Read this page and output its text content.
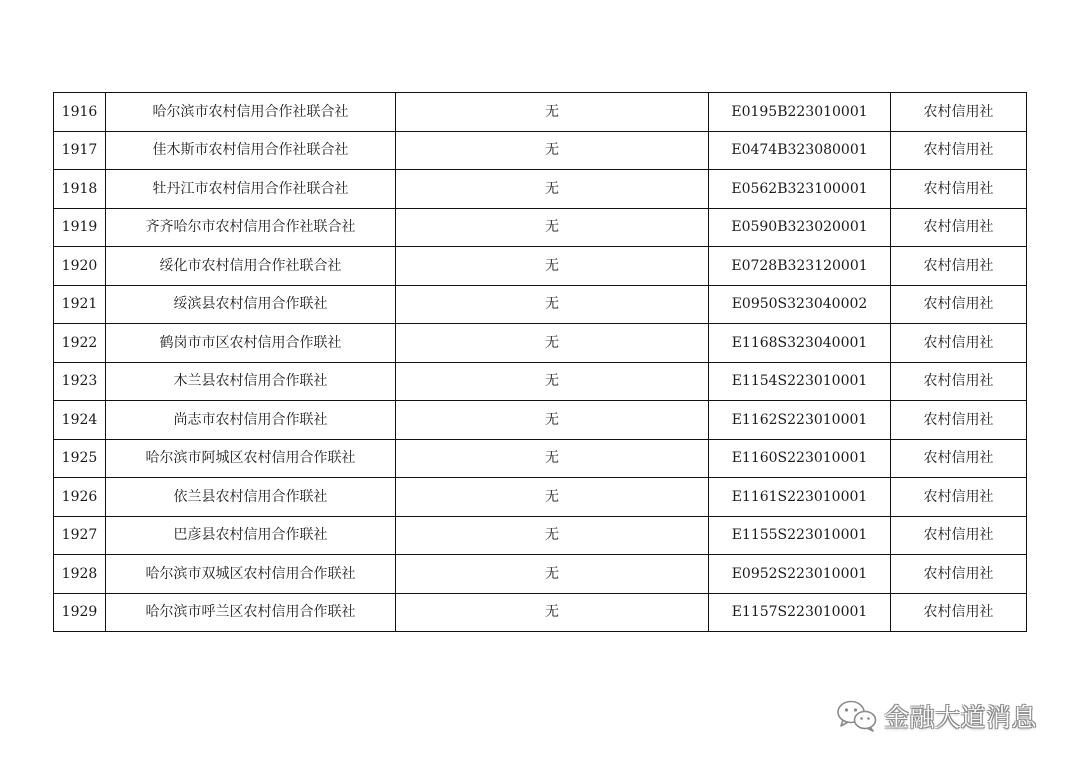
1916	哈尔滨市农村信用合作社联合社	无	E0195B223010001	农村信用社
1917	佳木斯市农村信用合作社联合社	无	E0474B323080001	农村信用社
1918	牡丹江市农村信用合作社联合社	无	E0562B323100001	农村信用社
1919	齐齐哈尔市农村信用合作社联合社	无	E0590B323020001	农村信用社
1920	绥化市农村信用合作社联合社	无	E0728B323120001	农村信用社
1921	绥滨县农村信用合作联社	无	E0950S323040002	农村信用社
1922	鹤岗市市区农村信用合作联社	无	E1168S323040001	农村信用社
1923	木兰县农村信用合作联社	无	E1154S223010001	农村信用社
1924	尚志市农村信用合作联社	无	E1162S223010001	农村信用社
1925	哈尔滨市阿城区农村信用合作联社	无	E1160S223010001	农村信用社
1926	依兰县农村信用合作联社	无	E1161S223010001	农村信用社
1927	巴彦县农村信用合作联社	无	E1155S223010001	农村信用社
1928	哈尔滨市双城区农村信用合作联社	无	E0952S223010001	农村信用社
1929	哈尔滨市呼兰区农村信用合作联社	无	E1157S223010001	农村信用社
金融大道消息
